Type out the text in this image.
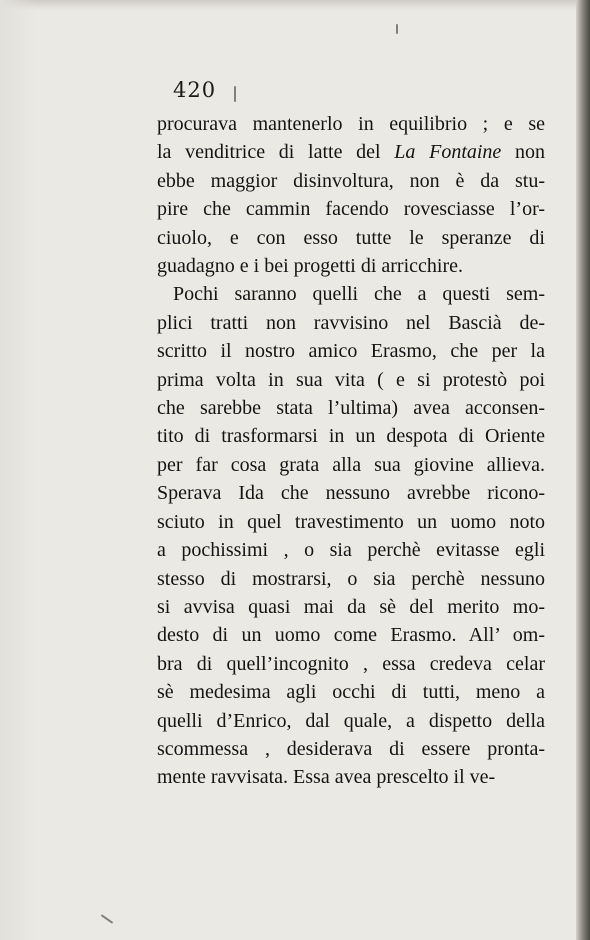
420
procurava mantenerlo in equilibrio ; e se
la venditrice di latte del La Fontaine non
ebbe maggior disinvoltura, non è da stu-
pire che cammin facendo rovesciasse l’or-
ciuolo, e con esso tutte le speranze di
guadagno e i bei progetti di arricchire.
Pochi saranno quelli che a questi sem-
plici tratti non ravvisino nel Bascià de-
scritto il nostro amico Erasmo, che per la
prima volta in sua vita ( e si protestò poi
che sarebbe stata l’ultima) avea acconsen-
tito di trasformarsi in un despota di Oriente
per far cosa grata alla sua giovine allieva.
Sperava Ida che nessuno avrebbe ricono-
sciuto in quel travestimento un uomo noto
a pochissimi , o sia perchè evitasse egli
stesso di mostrarsi, o sia perchè nessuno
si avvisa quasi mai da sè del merito mo-
desto di un uomo come Erasmo. All’ om-
bra di quell’incognito , essa credeva celar
sè medesima agli occhi di tutti, meno a
quelli d’Enrico, dal quale, a dispetto della
scommessa , desiderava di essere pronta-
mente ravvisata. Essa avea prescelto il ve-
